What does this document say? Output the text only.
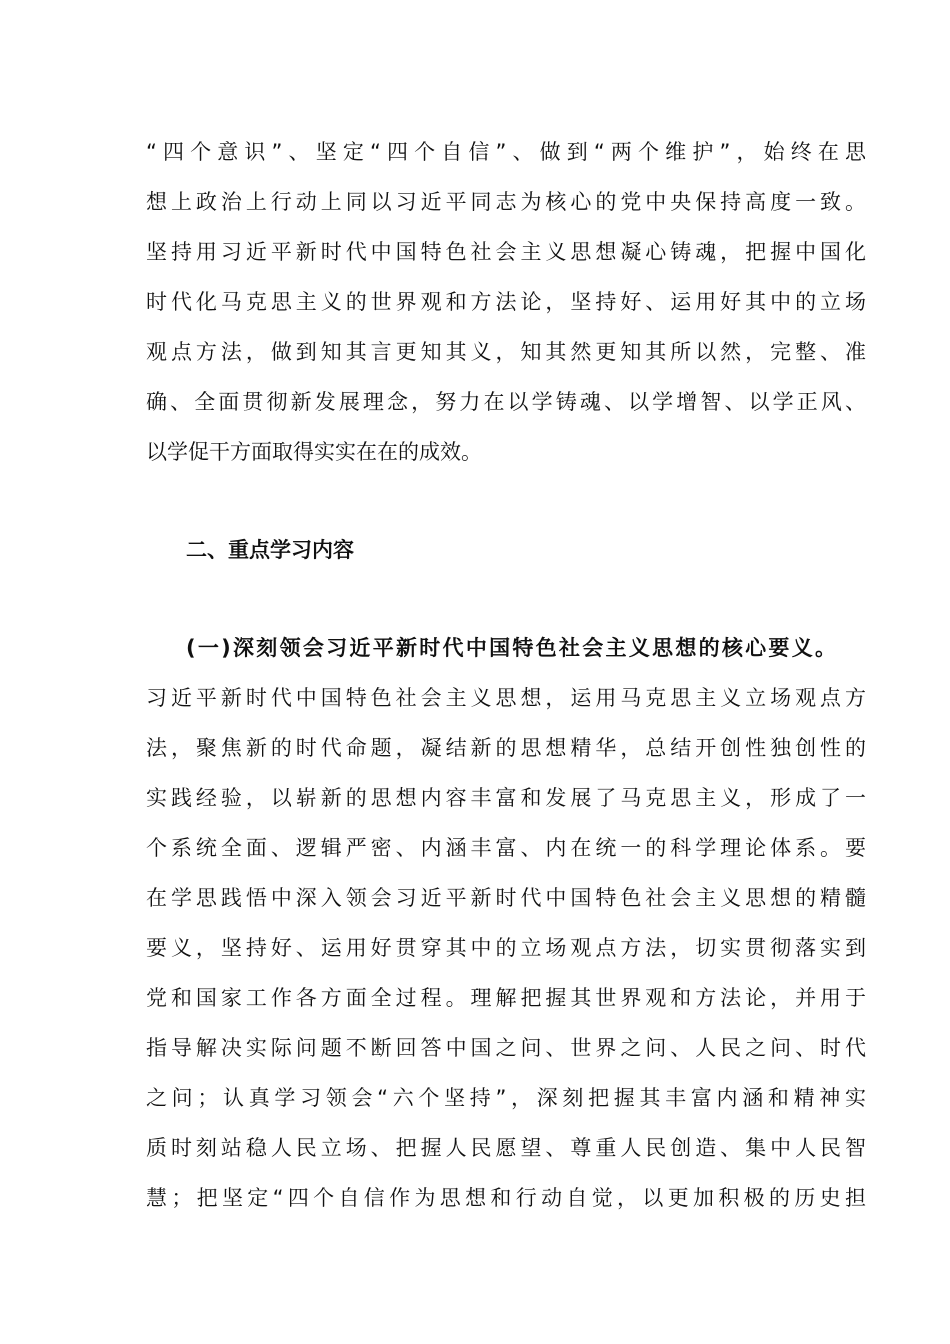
“四个意识”、坚定“四个自信”、做到“两个维护”，始终在思
想上政治上行动上同以习近平同志为核心的党中央保持高度一致。
坚持用习近平新时代中国特色社会主义思想凝心铸魂，把握中国化
时代化马克思主义的世界观和方法论，坚持好、运用好其中的立场
观点方法，做到知其言更知其义，知其然更知其所以然，完整、准
确、全面贯彻新发展理念，努力在以学铸魂、以学增智、以学正风、
以学促干方面取得实实在在的成效。
二、重点学习内容
(一)深刻领会习近平新时代中国特色社会主义思想的核心要义。
习近平新时代中国特色社会主义思想，运用马克思主义立场观点方
法，聚焦新的时代命题，凝结新的思想精华，总结开创性独创性的
实践经验，以崭新的思想内容丰富和发展了马克思主义，形成了一
个系统全面、逻辑严密、内涵丰富、内在统一的科学理论体系。要
在学思践悟中深入领会习近平新时代中国特色社会主义思想的精髓
要义，坚持好、运用好贯穿其中的立场观点方法，切实贯彻落实到
党和国家工作各方面全过程。理解把握其世界观和方法论，并用于
指导解决实际问题不断回答中国之问、世界之问、人民之问、时代
之问；认真学习领会“六个坚持”，深刻把握其丰富内涵和精神实
质时刻站稳人民立场、把握人民愿望、尊重人民创造、集中人民智
慧；把坚定“四个自信作为思想和行动自觉，以更加积极的历史担
